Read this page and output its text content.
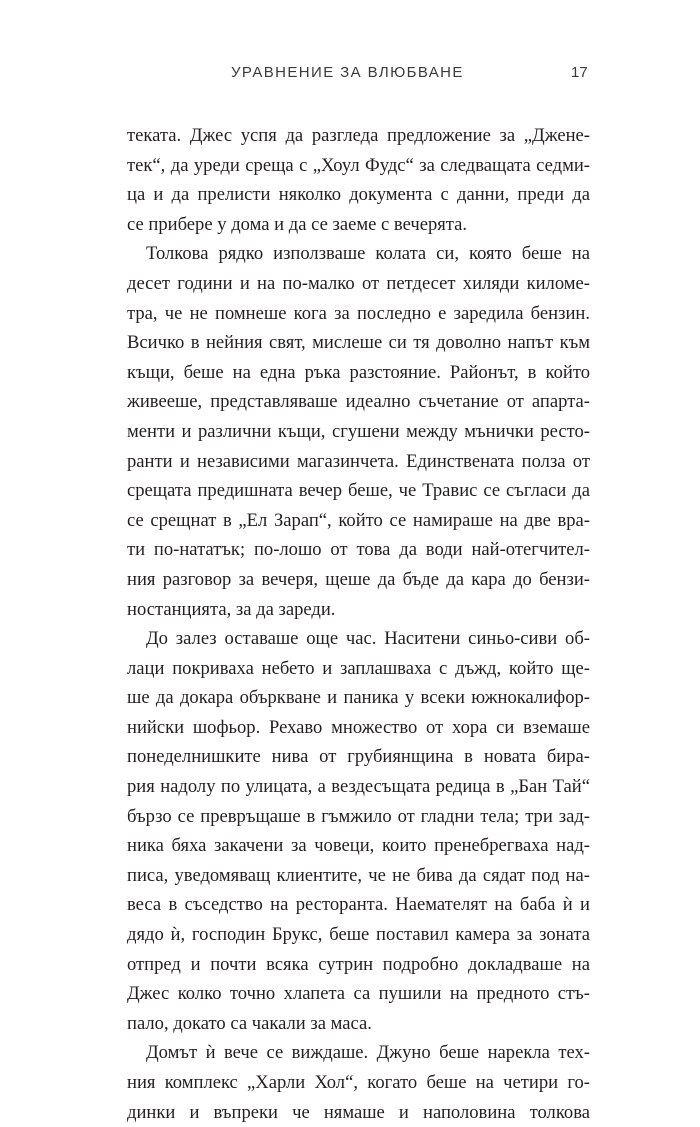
УРАВНЕНИЕ ЗА ВЛЮБВАНЕ	17
теката. Джес успя да разгледа предложение за „Дженe-
тек“, да уреди среща с „Хоул Фудс“ за следващата седми-
ца и да прелисти няколко документа с данни, преди да
се прибере у дома и да се заеме с вечерята.
Толкова рядко използваше колата си, която беше на
десет години и на по-малко от петдесет хиляди киломе-
тра, че не помнеше кога за последно е заредила бензин.
Всичко в нейния свят, мислеше си тя доволно напът към
къщи, беше на една ръка разстояние. Районът, в който
живееше, представляваше идеално съчетание от апарта-
менти и различни къщи, сгушени между мънички ресто-
ранти и независими магазинчета. Единствената полза от
срещата предишната вечер беше, че Травис се съгласи да
се срещнат в „Ел Зарап“, който се намираше на две вра-
ти по-нататък; по-лошо от това да води най-отегчител-
ния разговор за вечеря, щеше да бъде да кара до бензи-
ностанцията, за да зареди.
До залез оставаше още час. Наситени синьо-сиви об-
лаци покриваха небето и заплашваха с дъжд, който ще-
ше да докара объркване и паника у всеки южнокалифор-
нийски шофьор. Рехаво множество от хора си вземаше
понеделнишките нива от грубиянщина в новата бира-
рия надолу по улицата, а вездесъщата редица в „Бан Тай“
бързо се превръщаше в гъмжило от гладни тела; три зад-
ника бяха закачени за човеци, които пренебрегваха над-
писа, уведомяващ клиентите, че не бива да сядат под на-
веса в съседство на ресторанта. Наемателят на баба ѝ и
дядо ѝ, господин Брукс, беше поставил камера за зоната
отпред и почти всяка сутрин подробно докладваше на
Джес колко точно хлапета са пушили на предното стъ-
пало, докато са чакали за маса.
Домът ѝ вече се виждаше. Джуно беше нарекла тех-
ния комплекс „Харли Хол“, когато беше на четири го-
динки и въпреки че нямаше и наполовина толкова
